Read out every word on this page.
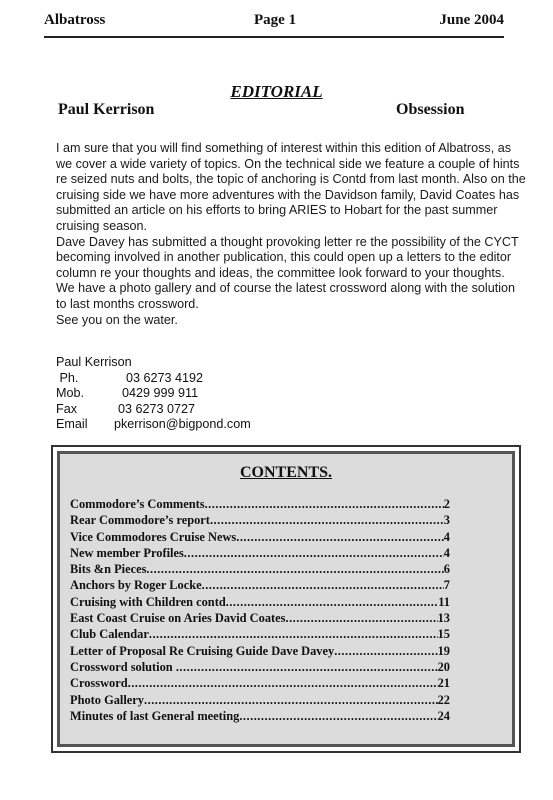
Albatross	Page 1	June 2004
EDITORIAL
Paul Kerrison	Obsession

I am sure that you will find something of interest within this edition of Albatross, as we cover a wide variety of topics. On the technical side we feature a couple of hints re seized nuts and bolts, the topic of anchoring is Contd from last month. Also on the cruising side we have more adventures with the Davidson family, David Coates has submitted an article on his efforts to bring ARIES to Hobart for the past summer cruising season.

Dave Davey has submitted a thought provoking letter re the possibility of the CYCT becoming involved in another publication, this could open up a letters to the editor column re your thoughts and ideas, the committee look forward to your thoughts.

We have a photo gallery and of course the latest crossword along with the solution to last months crossword.

See you on the water.

Paul Kerrison
Ph.	03 6273 4192
Mob.	0429 999 911
Fax	03 6273 0727
Email	pkerrison@bigpond.com
CONTENTS.
Commodore’s Comments .....	2
Rear Commodore’s report .....	3
Vice Commodores Cruise News .....	4
New member Profiles .....	4
Bits &n Pieces .....	6
Anchors by Roger Locke .....	7
Cruising with Children contd .....	11
East Coast Cruise on Aries David Coates .....	13
Club Calendar .....	15
Letter of Proposal Re Cruising Guide Dave Davey .....	19
Crossword solution .....	20
Crossword .....	21
Photo Gallery .....	22
Minutes of last General meeting .....	24
